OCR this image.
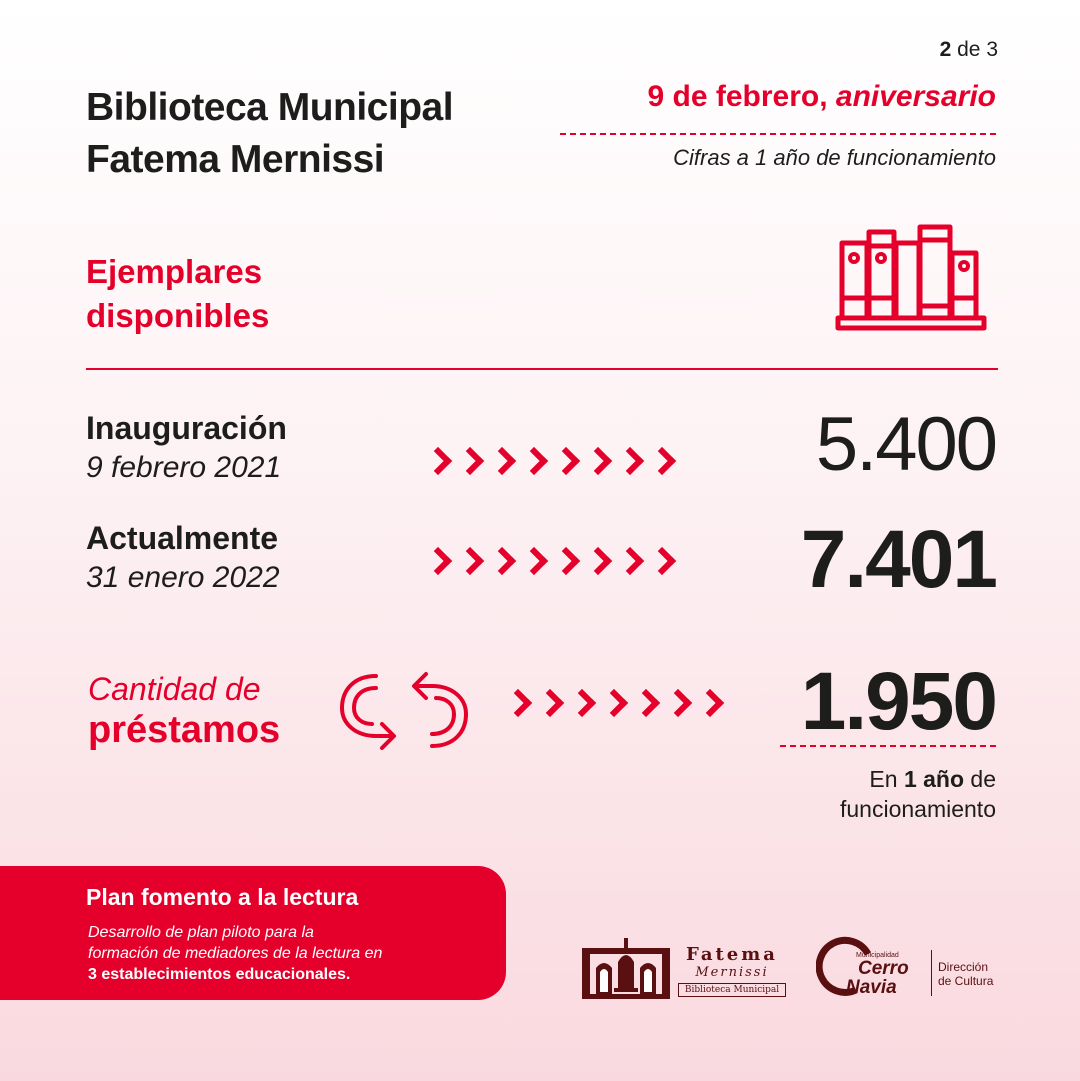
2 de 3
Biblioteca Municipal
Fatema Mernissi
9 de febrero, aniversario
Cifras a 1 año de funcionamiento
Ejemplares
disponibles
Inauguración
9 febrero 2021	5.400
Actualmente
31 enero 2022	7.401
Cantidad de
préstamos	1.950
En 1 año de
funcionamiento
Plan fomento a la lectura
Desarrollo de plan piloto para la
formación de mediadores de la lectura en
3 establecimientos educacionales.
Fatema
Mernissi
Biblioteca Municipal
Municipalidad
Cerro
Navia
Dirección
de Cultura
